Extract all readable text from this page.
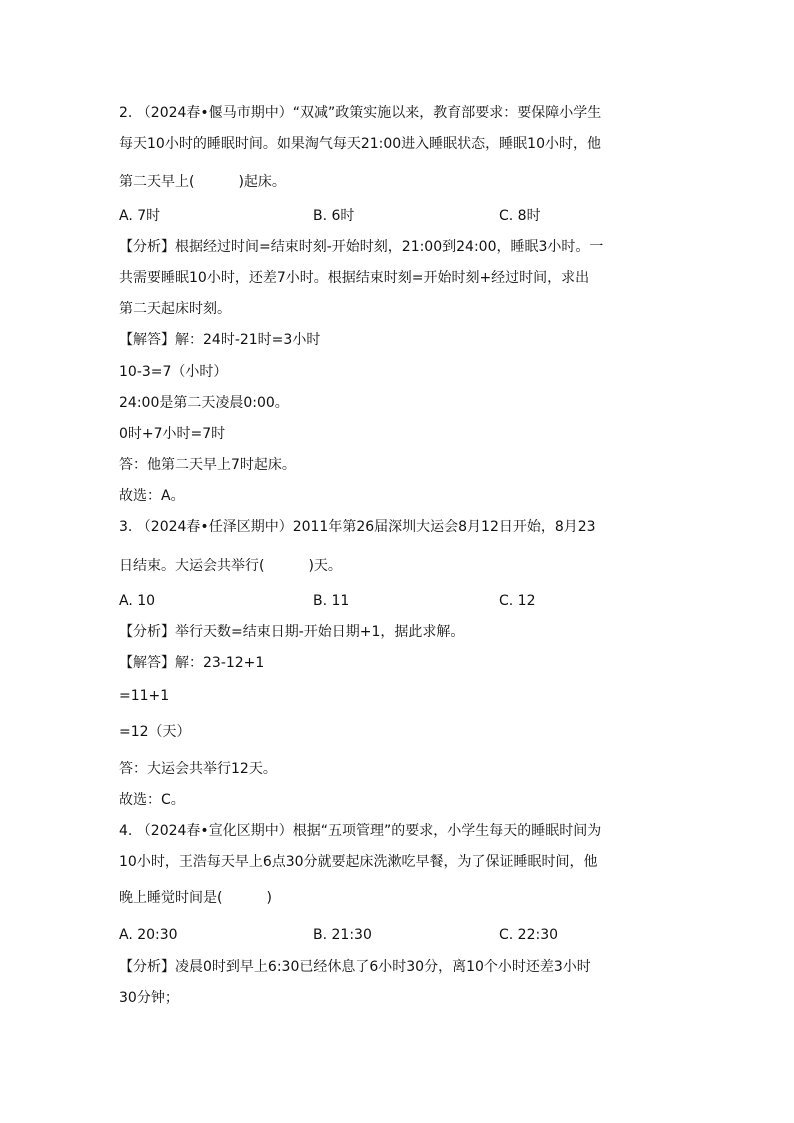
2. （2024春•偃马市期中）“双减”政策实施以来，教育部要求：要保障小学生
每天10小时的睡眠时间。如果淘气每天21:00进入睡眠状态，睡眠10小时，他
第二天早上(	)起床。
A. 7时	B. 6时	C. 8时
【分析】根据经过时间=结束时刻-开始时刻，21:00到24:00，睡眠3小时。一
共需要睡眠10小时，还差7小时。根据结束时刻=开始时刻+经过时间，求出
第二天起床时刻。
【解答】解：24时-21时=3小时
10-3=7（小时）
24:00是第二天凌晨0:00。
0时+7小时=7时
答：他第二天早上7时起床。
故选：A。
3. （2024春•任泽区期中）2011年第26届深圳大运会8月12日开始，8月23
日结束。大运会共举行(	)天。
A. 10	B. 11	C. 12
【分析】举行天数=结束日期-开始日期+1，据此求解。
【解答】解：23-12+1
=11+1
=12（天）
答：大运会共举行12天。
故选：C。
4. （2024春•宣化区期中）根据“五项管理”的要求，小学生每天的睡眠时间为
10小时，王浩每天早上6点30分就要起床洗漱吃早餐，为了保证睡眠时间，他
晚上睡觉时间是(	)
A. 20:30	B. 21:30	C. 22:30
【分析】凌晨0时到早上6:30已经休息了6小时30分，离10个小时还差3小时
30分钟；
